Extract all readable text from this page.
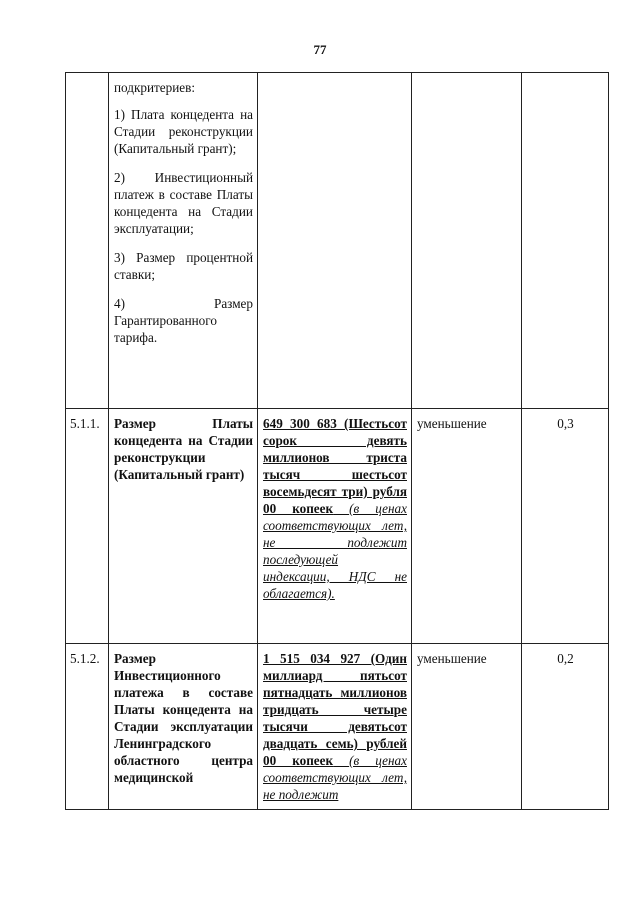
77

	подкритериев:

1) Плата концедента на Стадии реконструкции (Капитальный грант);

2) Инвестиционный платеж в составе Платы концедента на Стадии эксплуатации;

3) Размер процентной ставки;

4) Размер Гарантированного тарифа.			

5.1.1.	Размер Платы концедента на Стадии реконструкции (Капитальный грант)	649 300 683 (Шестьсот сорок девять миллионов триста тысяч шестьсот восемьдесят три) рубля 00 копеек (в ценах соответствующих лет, не подлежит последующей индексации, НДС не облагается).	уменьшение	0,3
5.1.2.	Размер Инвестиционного платежа в составе Платы концедента на Стадии эксплуатации Ленинградского областного центра медицинской	1 515 034 927 (Один миллиард пятьсот пятнадцать миллионов тридцать четыре тысячи девятьсот двадцать семь) рублей 00 копеек (в ценах соответствующих лет, не подлежит	уменьшение	0,2
